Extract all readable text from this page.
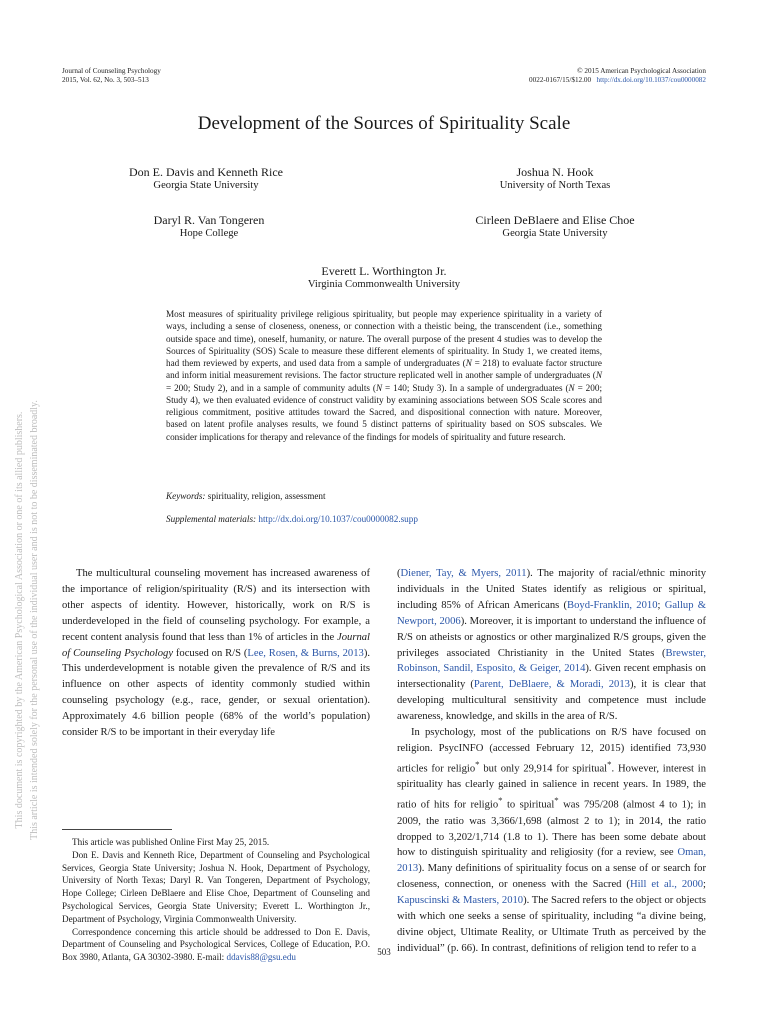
Journal of Counseling Psychology
2015, Vol. 62, No. 3, 503–513
© 2015 American Psychological Association
0022-0167/15/$12.00 http://dx.doi.org/10.1037/cou0000082
This document is copyrighted by the American Psychological Association or one of its allied publishers. This article is intended solely for the personal use of the individual user and is not to be disseminated broadly.
Development of the Sources of Spirituality Scale
Don E. Davis and Kenneth Rice
Georgia State University
Joshua N. Hook
University of North Texas
Daryl R. Van Tongeren
Hope College
Cirleen DeBlaere and Elise Choe
Georgia State University
Everett L. Worthington Jr.
Virginia Commonwealth University
Most measures of spirituality privilege religious spirituality, but people may experience spirituality in a variety of ways, including a sense of closeness, oneness, or connection with a theistic being, the transcendent (i.e., something outside space and time), oneself, humanity, or nature. The overall purpose of the present 4 studies was to develop the Sources of Spirituality (SOS) Scale to measure these different elements of spirituality. In Study 1, we created items, had them reviewed by experts, and used data from a sample of undergraduates (N = 218) to evaluate factor structure and inform initial measurement revisions. The factor structure replicated well in another sample of undergraduates (N = 200; Study 2), and in a sample of community adults (N = 140; Study 3). In a sample of undergraduates (N = 200; Study 4), we then evaluated evidence of construct validity by examining associations between SOS Scale scores and religious commitment, positive attitudes toward the Sacred, and dispositional connection with nature. Moreover, based on latent profile analyses results, we found 5 distinct patterns of spirituality based on SOS subscales. We consider implications for therapy and relevance of the findings for models of spirituality and future research.
Keywords: spirituality, religion, assessment
Supplemental materials: http://dx.doi.org/10.1037/cou0000082.supp

The multicultural counseling movement has increased awareness of the importance of religion/spirituality (R/S) and its intersection with other aspects of identity. However, historically, work on R/S is underdeveloped in the field of counseling psychology. For example, a recent content analysis found that less than 1% of articles in the Journal of Counseling Psychology focused on R/S (Lee, Rosen, & Burns, 2013). This underdevelopment is notable given the prevalence of R/S and its influence on other aspects of identity commonly studied within counseling psychology (e.g., race, gender, or sexual orientation). Approximately 4.6 billion people (68% of the world’s population) consider R/S to be important in their everyday life

This article was published Online First May 25, 2015.

Don E. Davis and Kenneth Rice, Department of Counseling and Psychological Services, Georgia State University; Joshua N. Hook, Department of Psychology, University of North Texas; Daryl R. Van Tongeren, Department of Psychology, Hope College; Cirleen DeBlaere and Elise Choe, Department of Counseling and Psychological Services, Georgia State University; Everett L. Worthington Jr., Department of Psychology, Virginia Commonwealth University.

Correspondence concerning this article should be addressed to Don E. Davis, Department of Counseling and Psychological Services, College of Education, P.O. Box 3980, Atlanta, GA 30302-3980. E-mail: ddavis88@gsu.edu

(Diener, Tay, & Myers, 2011). The majority of racial/ethnic minority individuals in the United States identify as religious or spiritual, including 85% of African Americans (Boyd-Franklin, 2010; Gallup & Newport, 2006). Moreover, it is important to understand the influence of R/S on atheists or agnostics or other marginalized R/S groups, given the privileges associated Christianity in the United States (Brewster, Robinson, Sandil, Esposito, & Geiger, 2014). Given recent emphasis on intersectionality (Parent, DeBlaere, & Moradi, 2013), it is clear that developing multicultural sensitivity and competence must include awareness, knowledge, and skills in the area of R/S.

In psychology, most of the publications on R/S have focused on religion. PsycINFO (accessed February 12, 2015) identified 73,930 articles for religio* but only 29,914 for spiritual*. However, interest in spirituality has clearly gained in salience in recent years. In 1989, the ratio of hits for religio* to spiritual* was 795/208 (almost 4 to 1); in 2009, the ratio was 3,366/1,698 (almost 2 to 1); in 2014, the ratio dropped to 3,202/1,714 (1.8 to 1). There has been some debate about how to distinguish spirituality and religiosity (for a review, see Oman, 2013). Many definitions of spirituality focus on a sense of or search for closeness, connection, or oneness with the Sacred (Hill et al., 2000; Kapuscinski & Masters, 2010). The Sacred refers to the object or objects with which one seeks a sense of spirituality, including “a divine being, divine object, Ultimate Reality, or Ultimate Truth as perceived by the individual” (p. 66). In contrast, definitions of religion tend to refer to a

503
